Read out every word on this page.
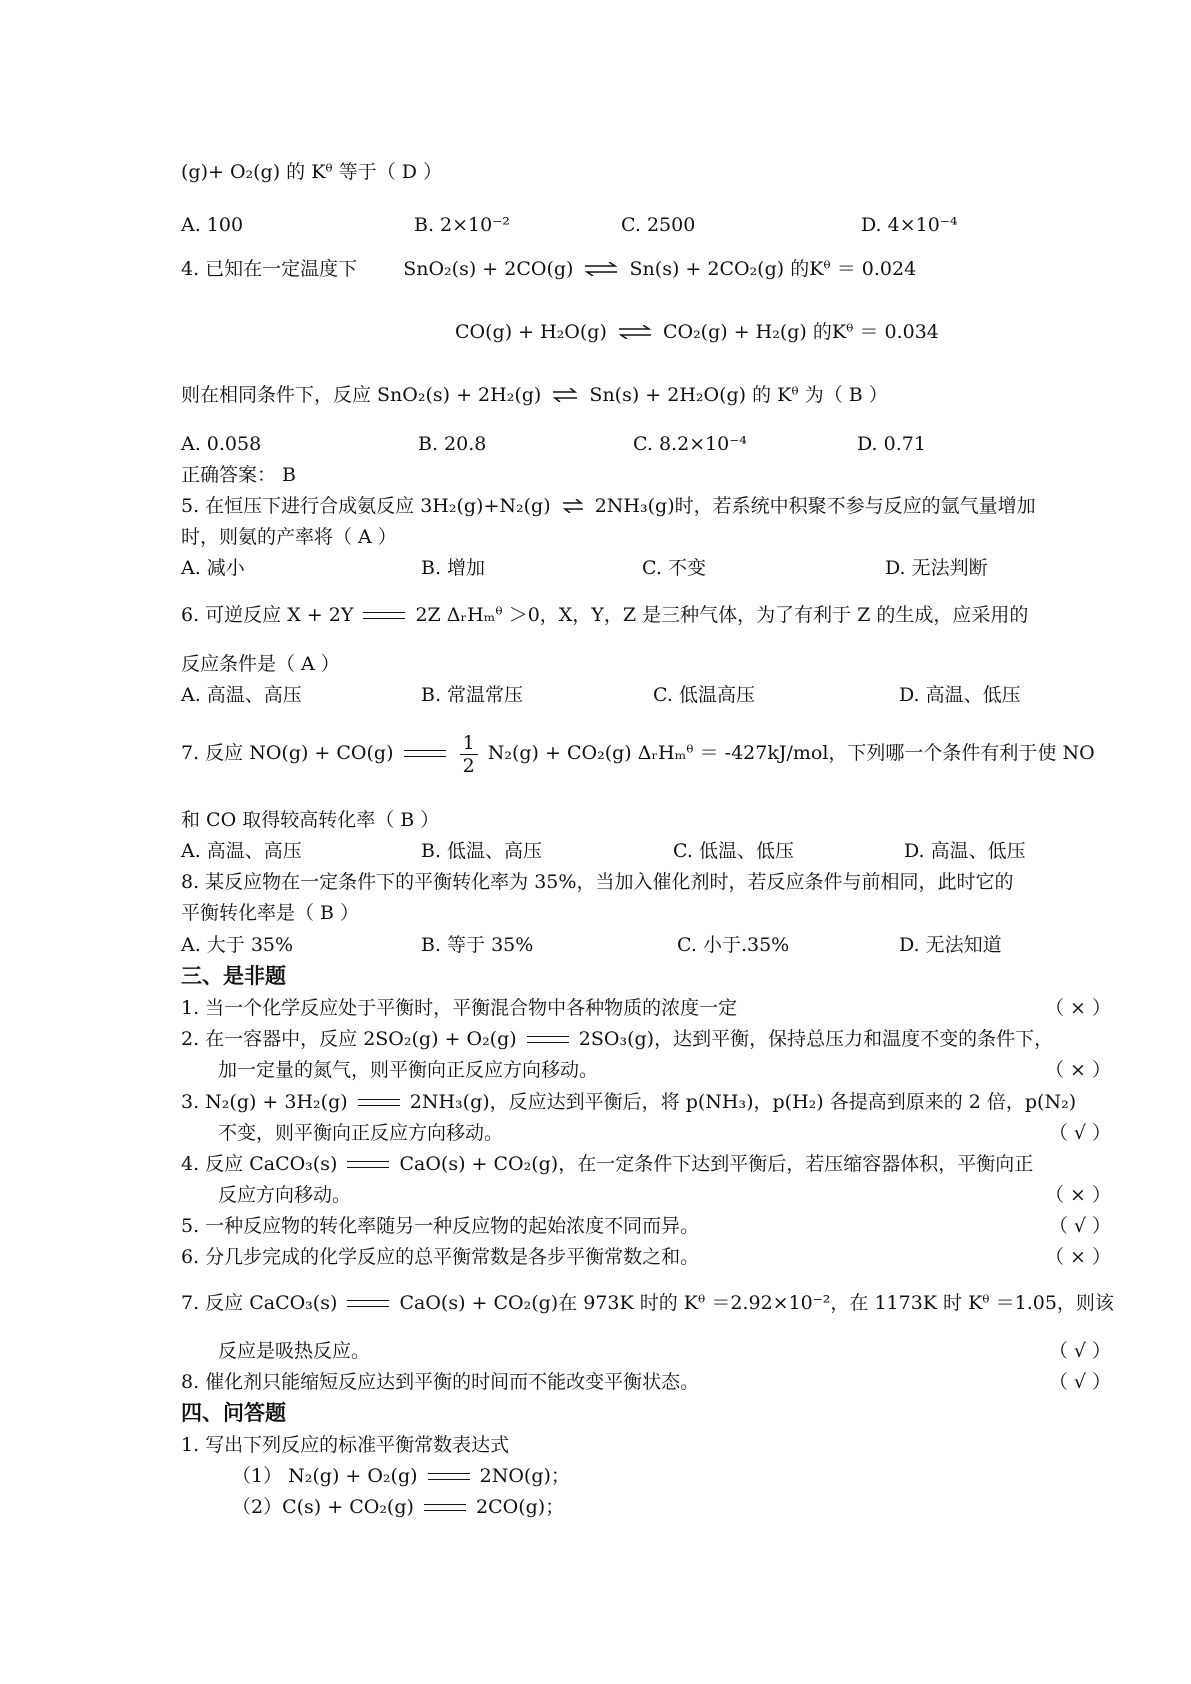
(g)+ O₂(g) 的 Kᶿ 等于（ D ）
A. 100	B. 2×10⁻²	C. 2500	D. 4×10⁻⁴
4. 已知在一定温度下 SnO₂(s) + 2CO(g) ⇌ Sn(s) + 2CO₂(g) 的Kᶿ ＝ 0.024
CO(g) + H₂O(g) ⇌ CO₂(g) + H₂(g) 的Kᶿ ＝ 0.034
则在相同条件下，反应 SnO₂(s) + 2H₂(g) ⇌ Sn(s) + 2H₂O(g) 的 Kᶿ 为（ B ）
A. 0.058	B. 20.8	C. 8.2×10⁻⁴	D. 0.71
正确答案： B
5. 在恒压下进行合成氨反应 3H₂(g)+N₂(g) ⇌ 2NH₃(g)时，若系统中积聚不参与反应的氩气量增加
时，则氨的产率将（ A ）
A. 减小	B. 增加	C. 不变	D. 无法判断
6. 可逆反应 X + 2Y	2Z ΔᵣHₘᶿ ＞0，X，Y，Z 是三种气体，为了有利于 Z 的生成，应采用的
反应条件是（ A ）
A. 高温、高压	B. 常温常压	C. 低温高压	D. 高温、低压
7. 反应 NO(g) + CO(g)	$\frac{1}{2} N_2(g) + CO_2(g)$ ΔᵣHₘᶿ ＝ -427kJ/mol，下列哪一个条件有利于使 NO
和 CO 取得较高转化率（ B ）
A. 高温、高压	B. 低温、高压	C. 低温、低压	D. 高温、低压
8. 某反应物在一定条件下的平衡转化率为 35%，当加入催化剂时，若反应条件与前相同，此时它的
平衡转化率是（ B ）
A. 大于 35%	B. 等于 35%	C. 小于.35%	D. 无法知道
三、是非题
1. 当一个化学反应处于平衡时，平衡混合物中各种物质的浓度一定	（ × ）
2. 在一容器中，反应 2SO₂(g) + O₂(g)	2SO₃(g)，达到平衡，保持总压力和温度不变的条件下，
加一定量的氮气，则平衡向正反应方向移动。	（ × ）
3. N₂(g) + 3H₂(g)	2NH₃(g)，反应达到平衡后，将 p(NH₃)，p(H₂) 各提高到原来的 2 倍，p(N₂)
不变，则平衡向正反应方向移动。	（ √ ）
4. 反应 CaCO₃(s)	CaO(s) + CO₂(g)，在一定条件下达到平衡后，若压缩容器体积，平衡向正
反应方向移动。	（ × ）
5. 一种反应物的转化率随另一种反应物的起始浓度不同而异。	（ √ ）
6. 分几步完成的化学反应的总平衡常数是各步平衡常数之和。	（ × ）
7. 反应 CaCO₃(s)	CaO(s) + CO₂(g)在 973K 时的 Kᶿ ＝2.92×10⁻²，在 1173K 时 Kᶿ ＝1.05，则该
反应是吸热反应。	（ √ ）
8. 催化剂只能缩短反应达到平衡的时间而不能改变平衡状态。	（ √ ）
四、问答题
1. 写出下列反应的标准平衡常数表达式
（1） N₂(g) + O₂(g)	2NO(g)；
（2）C(s) + CO₂(g)	2CO(g)；
